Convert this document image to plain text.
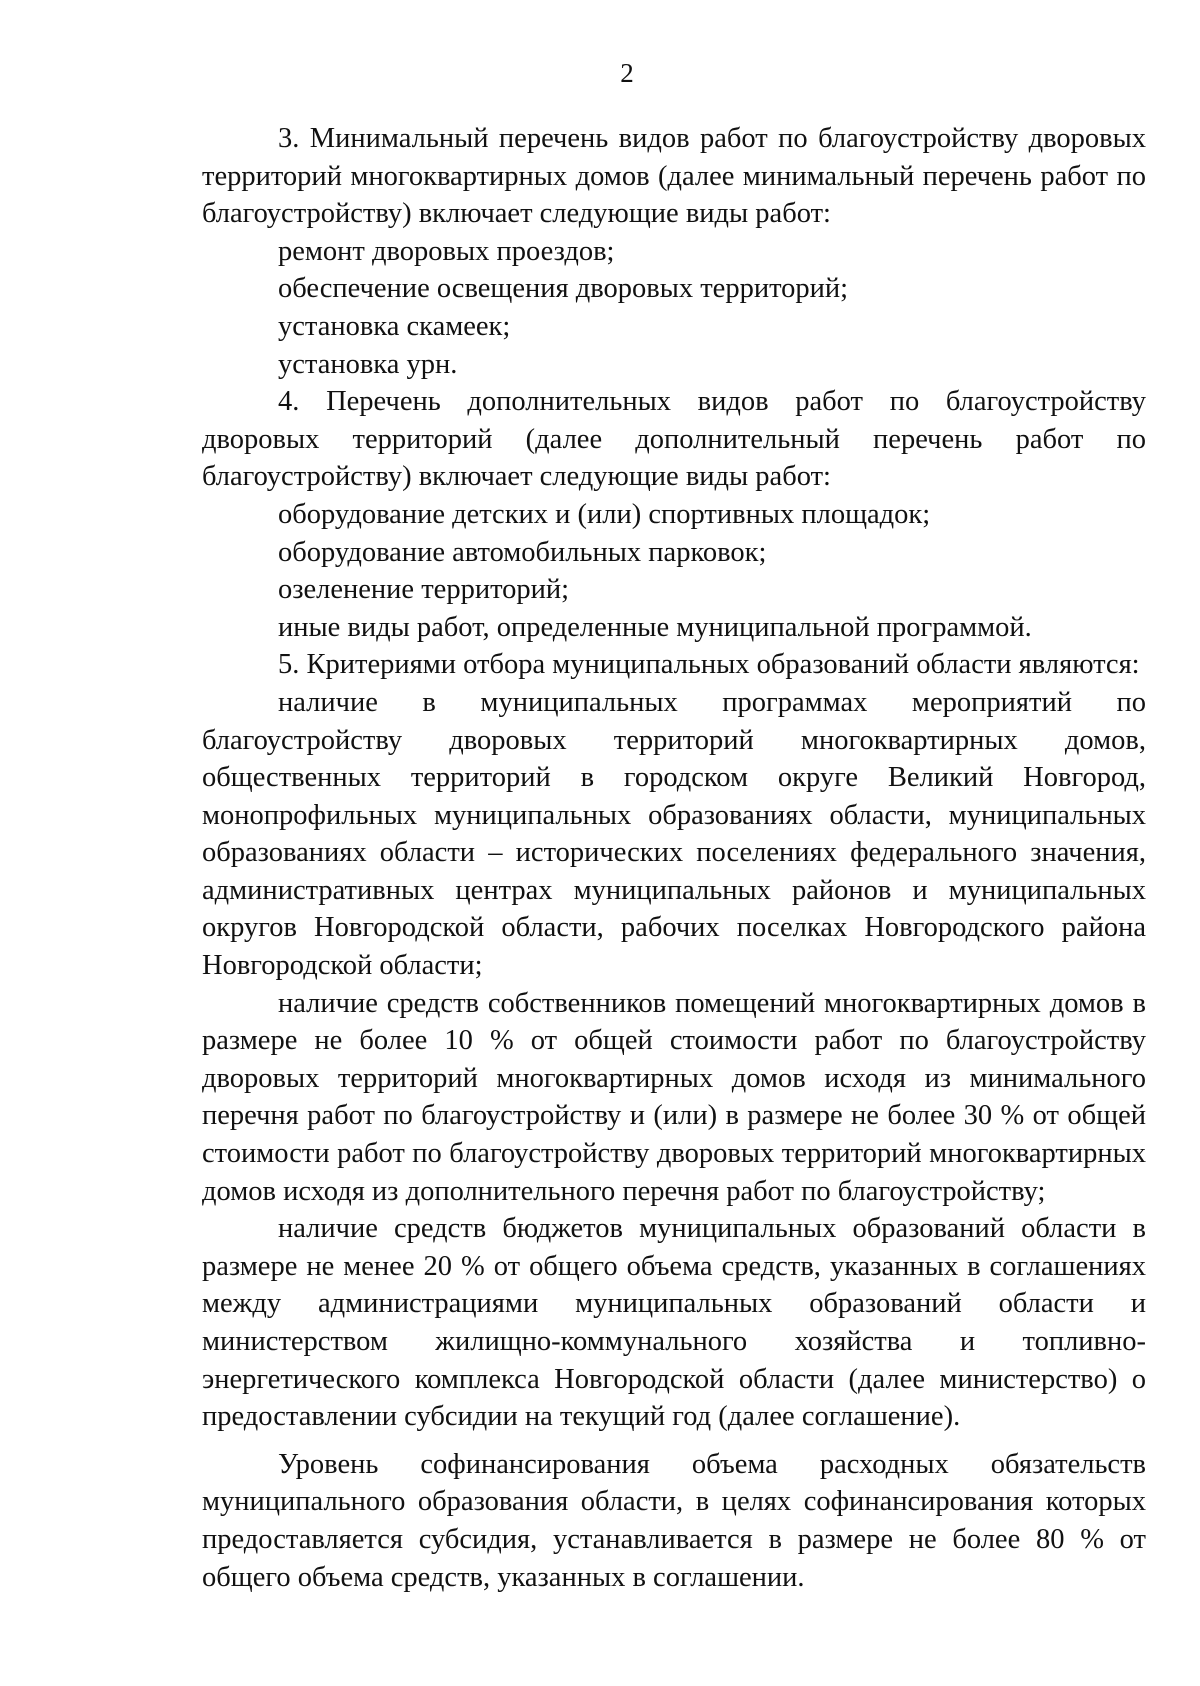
2

3. Минимальный перечень видов работ по благоустройству дворовых территорий многоквартирных домов (далее минимальный перечень работ по благоустройству) включает следующие виды работ:

ремонт дворовых проездов;

обеспечение освещения дворовых территорий;

установка скамеек;

установка урн.

4. Перечень дополнительных видов работ по благоустройству дворовых территорий (далее дополнительный перечень работ по благоустройству) включает следующие виды работ:

оборудование детских и (или) спортивных площадок;

оборудование автомобильных парковок;

озеленение территорий;

иные виды работ, определенные муниципальной программой.

5. Критериями отбора муниципальных образований области являются:

наличие в муниципальных программах мероприятий по благоустройству дворовых территорий многоквартирных домов, общественных территорий в городском округе Великий Новгород, монопрофильных муниципальных образованиях области, муниципальных образованиях области – исторических поселениях федерального значения, административных центрах муниципальных районов и муниципальных округов Новгородской области, рабочих поселках Новгородского района Новгородской области;

наличие средств собственников помещений многоквартирных домов в размере не более 10 % от общей стоимости работ по благоустройству дворовых территорий многоквартирных домов исходя из минимального перечня работ по благоустройству и (или) в размере не более 30 % от общей стоимости работ по благоустройству дворовых территорий многоквартирных домов исходя из дополнительного перечня работ по благоустройству;

наличие средств бюджетов муниципальных образований области в размере не менее 20 % от общего объема средств, указанных в соглашениях между администрациями муниципальных образований области и министерством жилищно-коммунального хозяйства и топливно-энергетического комплекса Новгородской области (далее министерство) о предоставлении субсидии на текущий год (далее соглашение).

Уровень софинансирования объема расходных обязательств муниципального образования области, в целях софинансирования которых предоставляется субсидия, устанавливается в размере не более 80 % от общего объема средств, указанных в соглашении.
